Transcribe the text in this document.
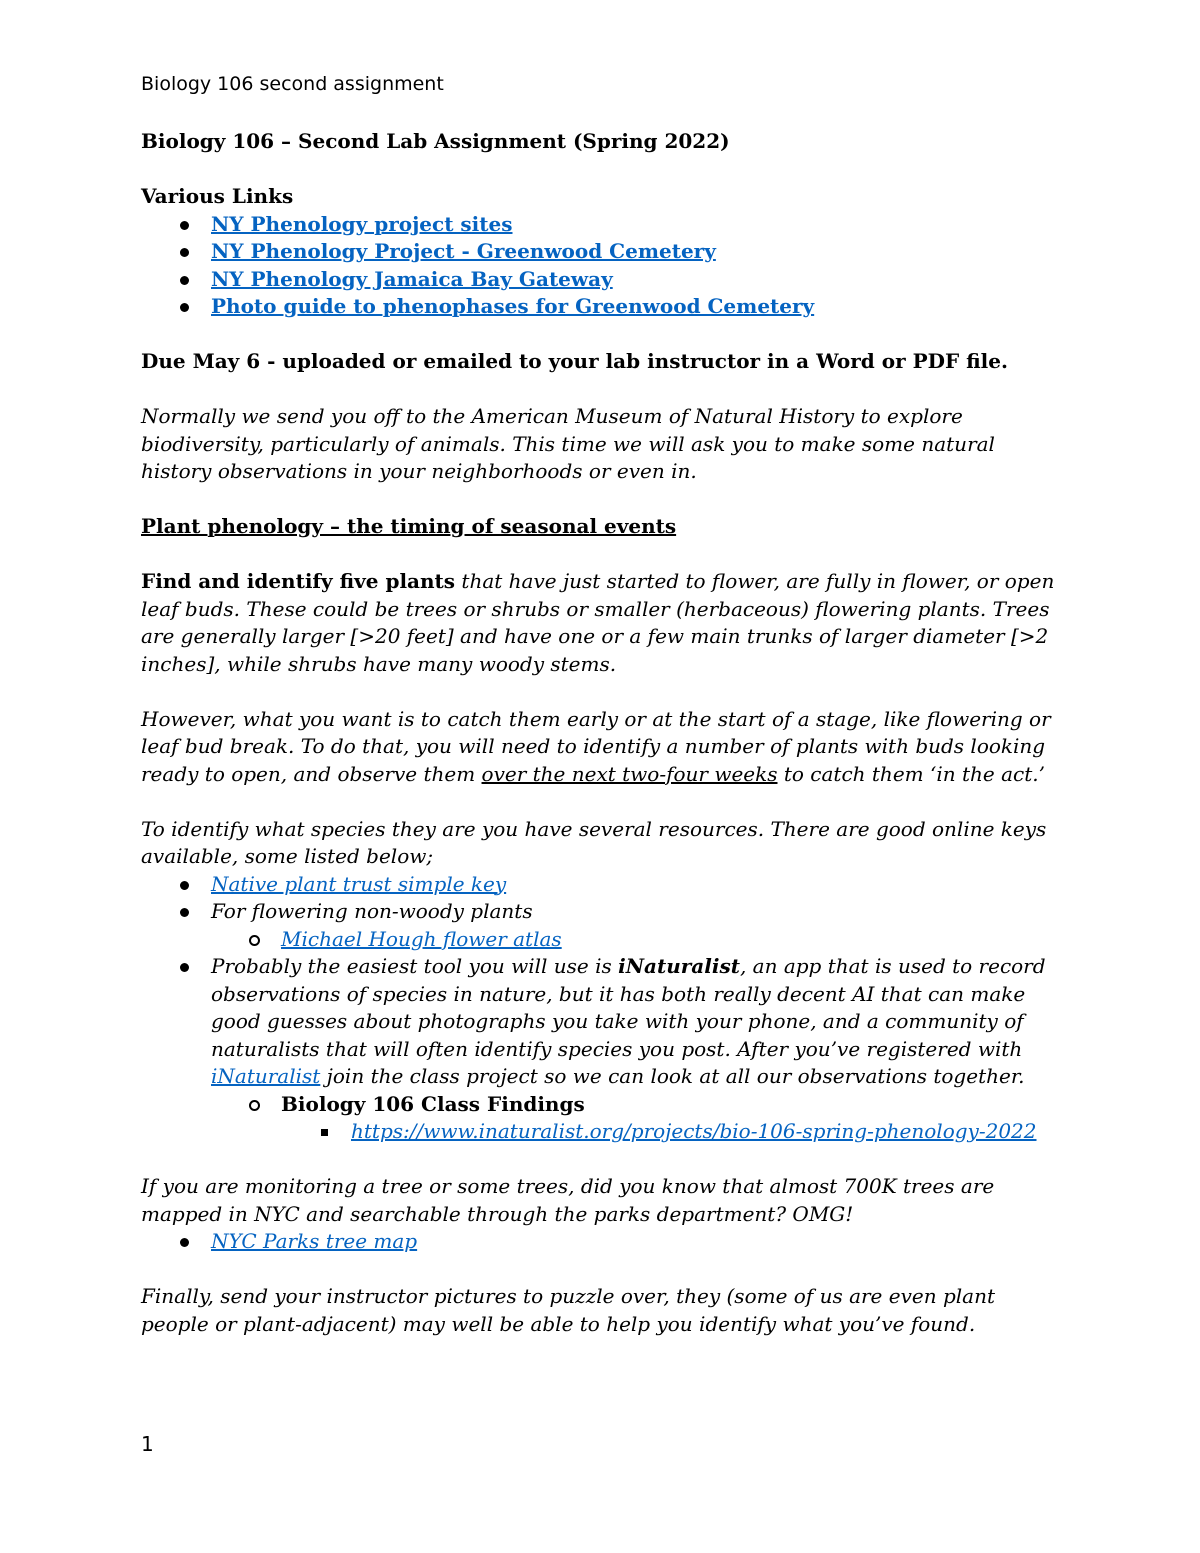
Biology 106 second assignment

Biology 106 – Second Lab Assignment (Spring 2022)

Various Links

NY Phenology project sites
NY Phenology Project - Greenwood Cemetery
NY Phenology Jamaica Bay Gateway
Photo guide to phenophases for Greenwood Cemetery

Due May 6 - uploaded or emailed to your lab instructor in a Word or PDF file.

Normally we send you off to the American Museum of Natural History to explore biodiversity, particularly of animals. This time we will ask you to make some natural history observations in your neighborhoods or even in.

Plant phenology – the timing of seasonal events

Find and identify five plants that have just started to flower, are fully in flower, or open leaf buds. These could be trees or shrubs or smaller (herbaceous) flowering plants. Trees are generally larger [>20 feet] and have one or a few main trunks of larger diameter [>2 inches], while shrubs have many woody stems.

However, what you want is to catch them early or at the start of a stage, like flowering or leaf bud break. To do that, you will need to identify a number of plants with buds looking ready to open, and observe them over the next two-four weeks to catch them ‘in the act.’

To identify what species they are you have several resources. There are good online keys available, some listed below;

Native plant trust simple key
For flowering non-woody plants
Michael Hough flower atlas
Probably the easiest tool you will use is iNaturalist, an app that is used to record observations of species in nature, but it has both really decent AI that can make good guesses about photographs you take with your phone, and a community of naturalists that will often identify species you post. After you’ve registered with iNaturalist join the class project so we can look at all our observations together.
Biology 106 Class Findings
https://www.inaturalist.org/projects/bio-106-spring-phenology-2022

If you are monitoring a tree or some trees, did you know that almost 700K trees are mapped in NYC and searchable through the parks department? OMG!

NYC Parks tree map

Finally, send your instructor pictures to puzzle over, they (some of us are even plant people or plant-adjacent) may well be able to help you identify what you’ve found.

1
